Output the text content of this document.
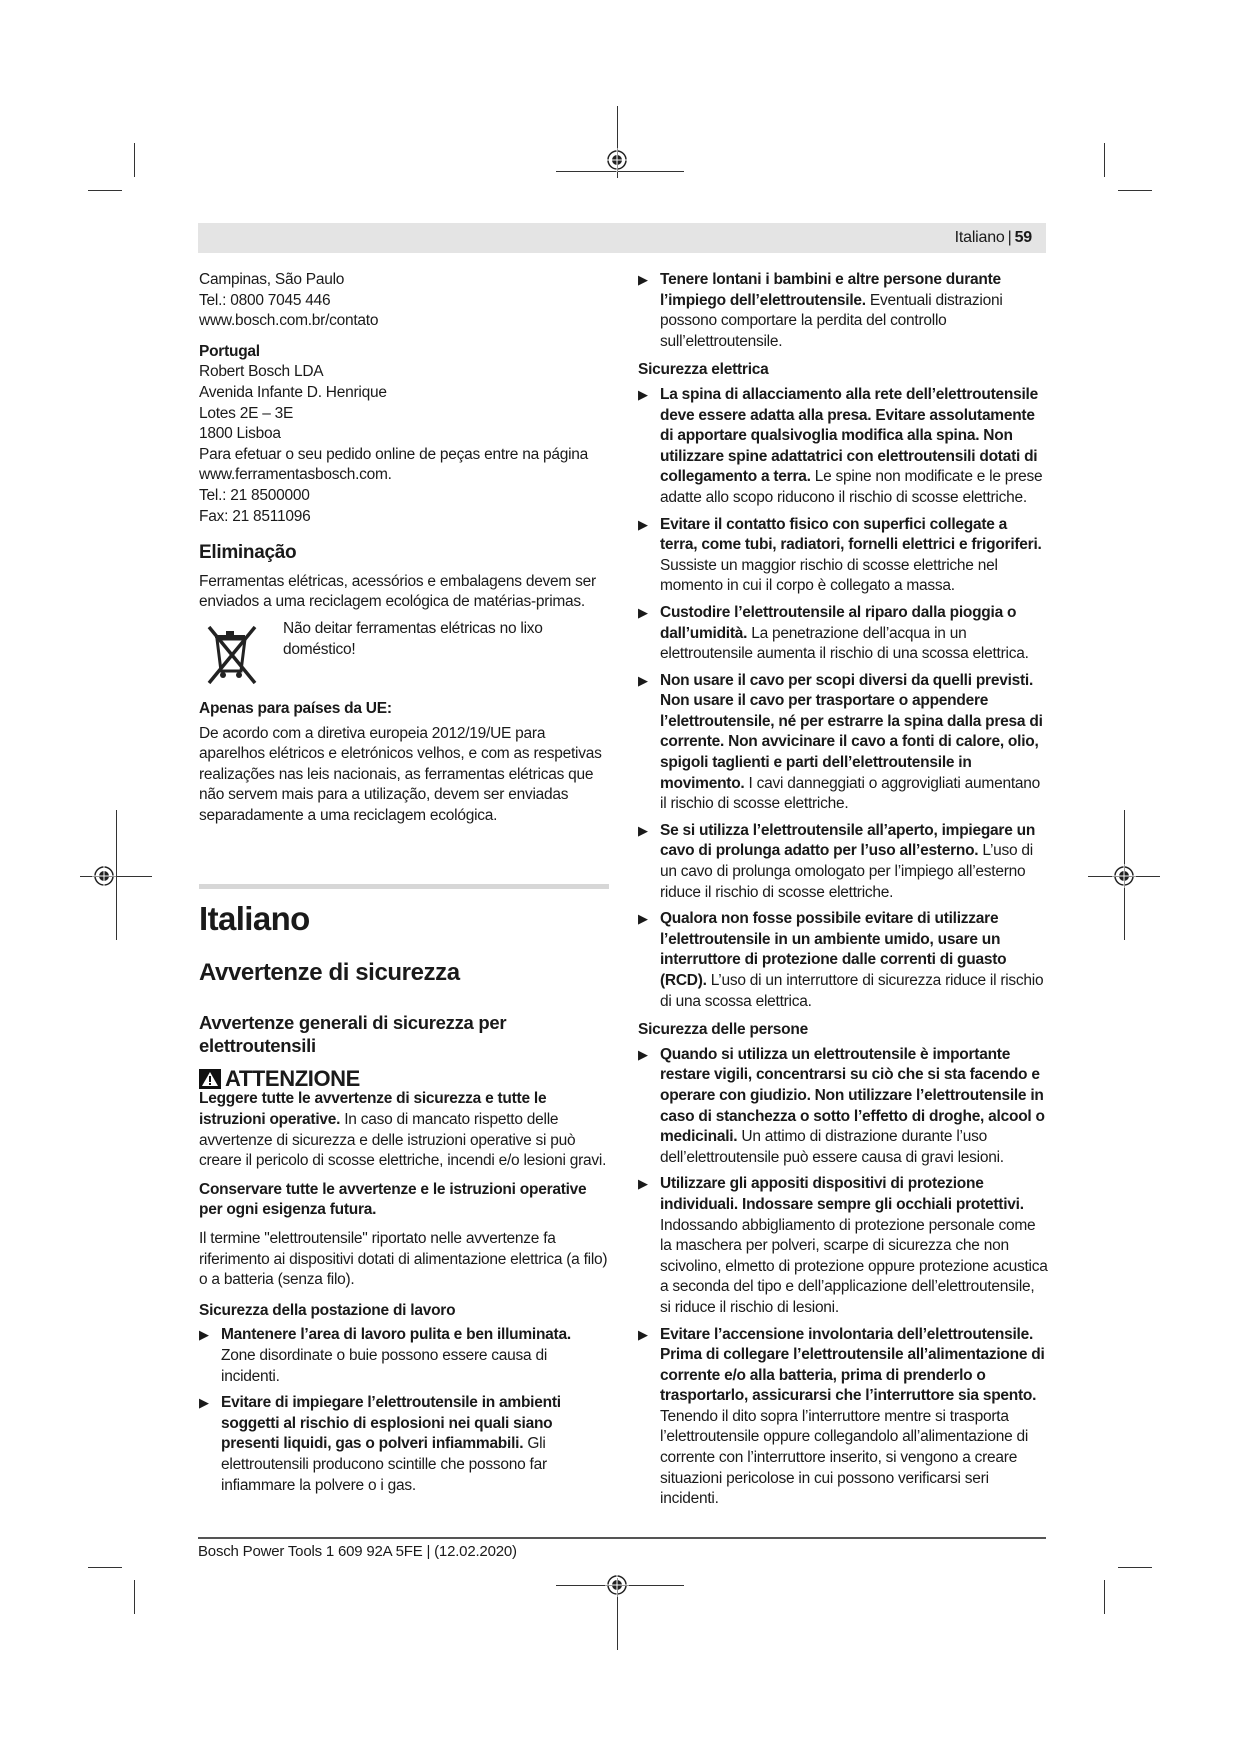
Italiano | 59

Campinas, São Paulo

Tel.: 0800 7045 446

www.bosch.com.br/contato

Portugal

Robert Bosch LDA

Avenida Infante D. Henrique

Lotes 2E – 3E

1800 Lisboa

Para efetuar o seu pedido online de peças entre na página

www.ferramentasbosch.com.

Tel.: 21 8500000

Fax: 21 8511096

Eliminação

Ferramentas elétricas, acessórios e embalagens devem ser enviados a uma reciclagem ecológica de matérias-primas.

Não deitar ferramentas elétricas no lixo doméstico!

Apenas para países da UE:

De acordo com a diretiva europeia 2012/19/UE para aparelhos elétricos e eletrónicos velhos, e com as respetivas realizações nas leis nacionais, as ferramentas elétricas que não servem mais para a utilização, devem ser enviadas separadamente a uma reciclagem ecológica.

Italiano
Avvertenze di sicurezza
Avvertenze generali di sicurezza per elettroutensili
ATTENZIONE

Leggere tutte le avvertenze di sicurezza e tutte le istruzioni operative. In caso di mancato rispetto delle avvertenze di sicurezza e delle istruzioni operative si può creare il pericolo di scosse elettriche, incendi e/o lesioni gravi.

Conservare tutte le avvertenze e le istruzioni operative per ogni esigenza futura.

Il termine "elettroutensile" riportato nelle avvertenze fa riferimento ai dispositivi dotati di alimentazione elettrica (a filo) o a batteria (senza filo).

Sicurezza della postazione di lavoro

▶ Mantenere l’area di lavoro pulita e ben illuminata. Zone disordinate o buie possono essere causa di incidenti.
▶ Evitare di impiegare l’elettroutensile in ambienti soggetti al rischio di esplosioni nei quali siano presenti liquidi, gas o polveri infiammabili. Gli elettroutensili producono scintille che possono far infiammare la polvere o i gas.
▶ Tenere lontani i bambini e altre persone durante l’impiego dell’elettroutensile. Eventuali distrazioni possono comportare la perdita del controllo sull’elettroutensile.

Sicurezza elettrica

▶ La spina di allacciamento alla rete dell’elettroutensile deve essere adatta alla presa. Evitare assolutamente di apportare qualsivoglia modifica alla spina. Non utilizzare spine adattatrici con elettroutensili dotati di collegamento a terra. Le spine non modificate e le prese adatte allo scopo riducono il rischio di scosse elettriche.
▶ Evitare il contatto fisico con superfici collegate a terra, come tubi, radiatori, fornelli elettrici e frigoriferi. Sussiste un maggior rischio di scosse elettriche nel momento in cui il corpo è collegato a massa.
▶ Custodire l’elettroutensile al riparo dalla pioggia o dall’umidità. La penetrazione dell’acqua in un elettroutensile aumenta il rischio di una scossa elettrica.
▶ Non usare il cavo per scopi diversi da quelli previsti. Non usare il cavo per trasportare o appendere l’elettroutensile, né per estrarre la spina dalla presa di corrente. Non avvicinare il cavo a fonti di calore, olio, spigoli taglienti e parti dell’elettroutensile in movimento. I cavi danneggiati o aggrovigliati aumentano il rischio di scosse elettriche.
▶ Se si utilizza l’elettroutensile all’aperto, impiegare un cavo di prolunga adatto per l’uso all’esterno. L’uso di un cavo di prolunga omologato per l’impiego all’esterno riduce il rischio di scosse elettriche.
▶ Qualora non fosse possibile evitare di utilizzare l’elettroutensile in un ambiente umido, usare un interruttore di protezione dalle correnti di guasto (RCD). L’uso di un interruttore di sicurezza riduce il rischio di una scossa elettrica.

Sicurezza delle persone

▶ Quando si utilizza un elettroutensile è importante restare vigili, concentrarsi su ciò che si sta facendo e operare con giudizio. Non utilizzare l’elettroutensile in caso di stanchezza o sotto l’effetto di droghe, alcool o medicinali. Un attimo di distrazione durante l’uso dell’elettroutensile può essere causa di gravi lesioni.
▶ Utilizzare gli appositi dispositivi di protezione individuali. Indossare sempre gli occhiali protettivi. Indossando abbigliamento di protezione personale come la maschera per polveri, scarpe di sicurezza che non scivolino, elmetto di protezione oppure protezione acustica a seconda del tipo e dell’applicazione dell’elettroutensile, si riduce il rischio di lesioni.
▶ Evitare l’accensione involontaria dell’elettroutensile. Prima di collegare l’elettroutensile all’alimentazione di corrente e/o alla batteria, prima di prenderlo o trasportarlo, assicurarsi che l’interruttore sia spento. Tenendo il dito sopra l’interruttore mentre si trasporta l’elettroutensile oppure collegandolo all’alimentazione di corrente con l’interruttore inserito, si vengono a creare situazioni pericolose in cui possono verificarsi seri incidenti.
Bosch Power Tools 1 609 92A 5FE | (12.02.2020)
